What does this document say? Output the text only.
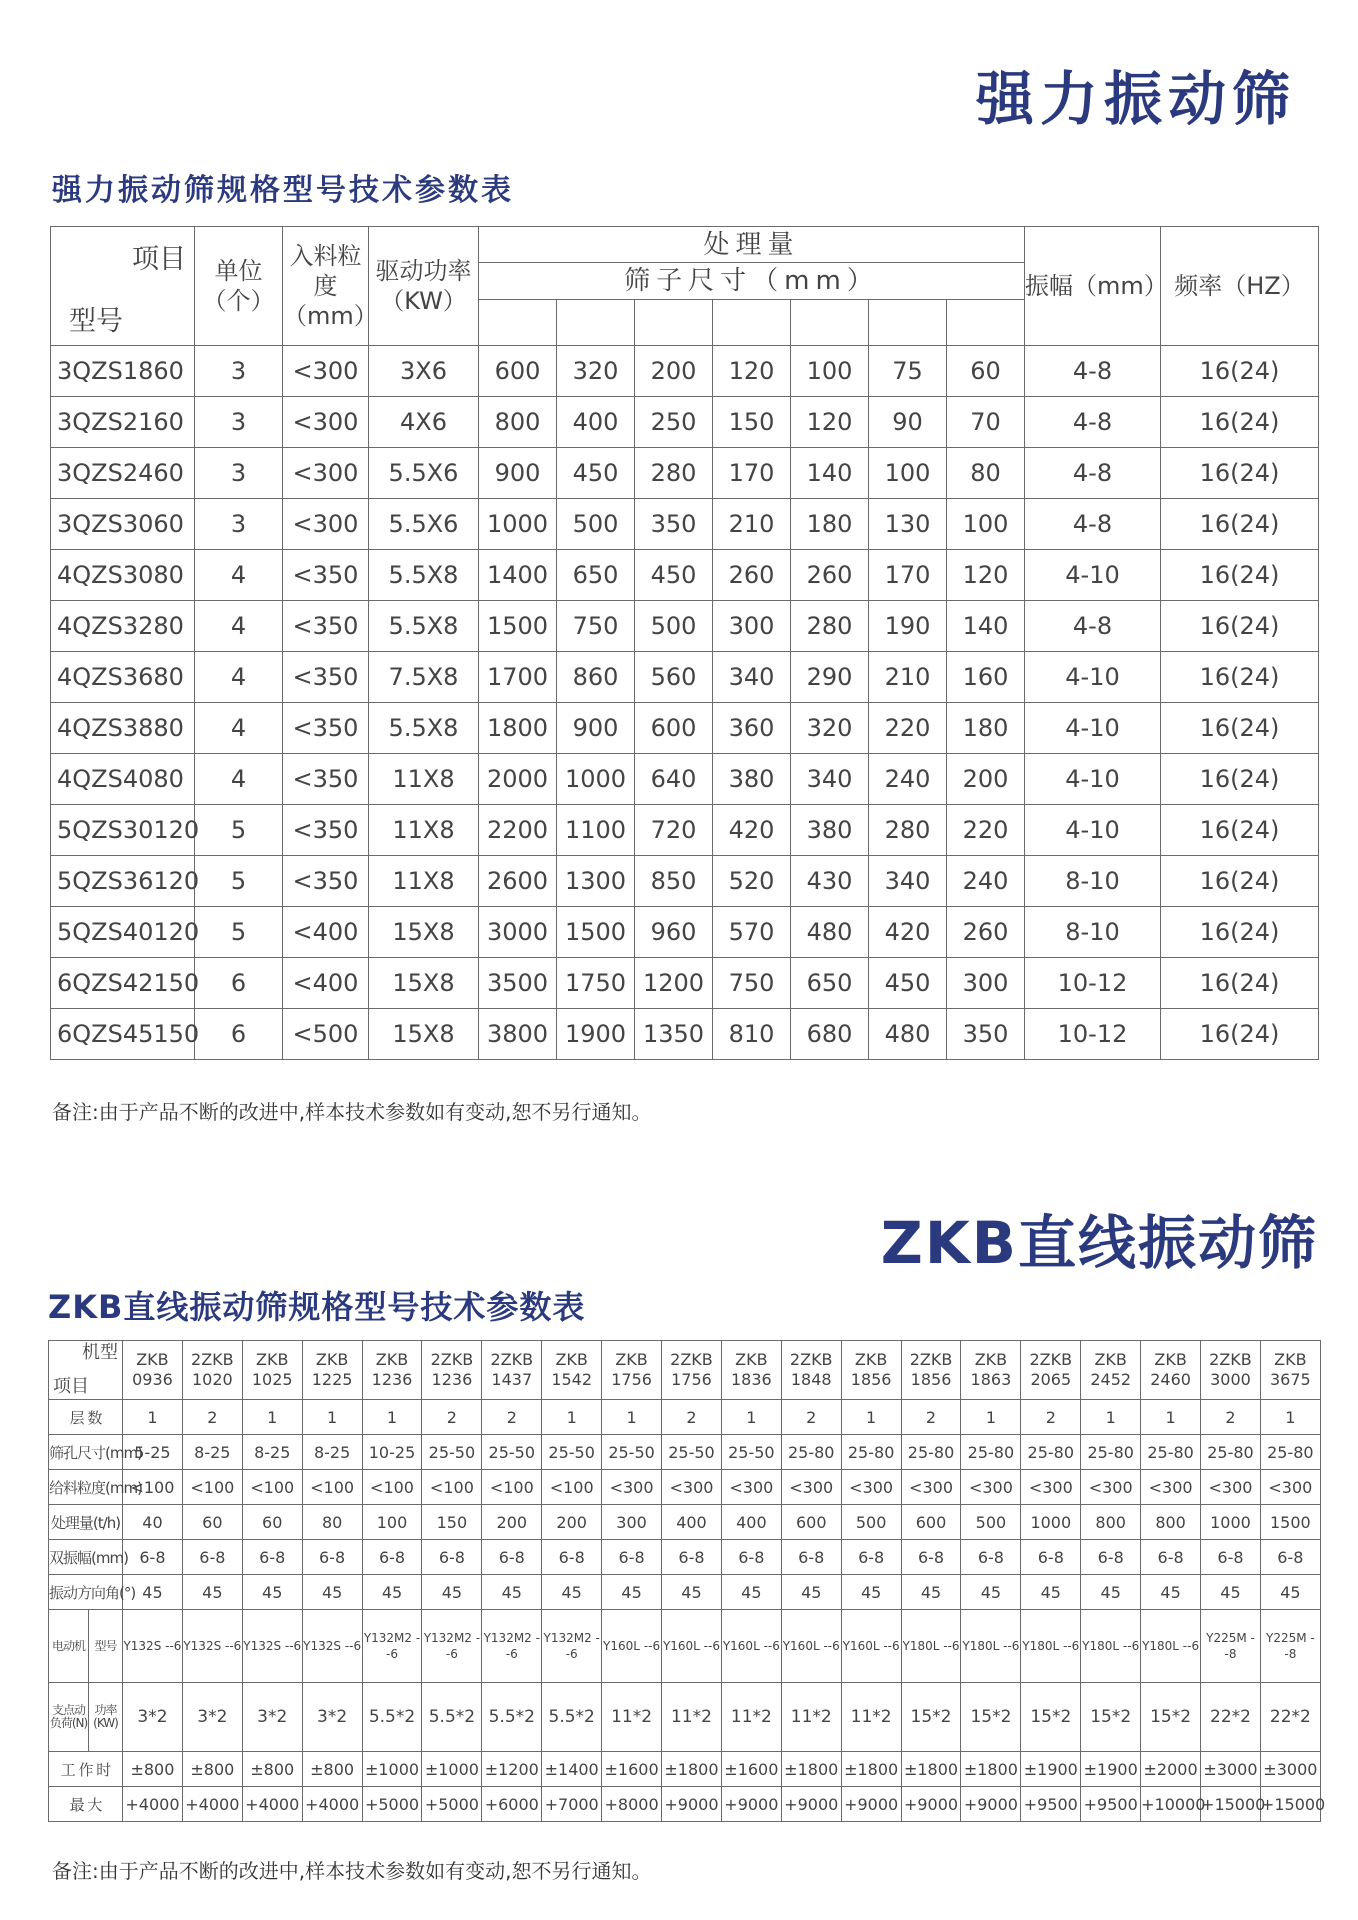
强力振动筛
强力振动筛规格型号技术参数表
项目
型号	单位（个）	入料粒度（mm）	驱动功率（KW）	处理量							振幅（mm）	频率（HZ）
				筛子尺寸（mm）								

3QZS1860	3	<300	3X6	600	320	200	120	100	75	60	4-8	16(24)
3QZS2160	3	<300	4X6	800	400	250	150	120	90	70	4-8	16(24)
3QZS2460	3	<300	5.5X6	900	450	280	170	140	100	80	4-8	16(24)
3QZS3060	3	<300	5.5X6	1000	500	350	210	180	130	100	4-8	16(24)
4QZS3080	4	<350	5.5X8	1400	650	450	260	260	170	120	4-10	16(24)
4QZS3280	4	<350	5.5X8	1500	750	500	300	280	190	140	4-8	16(24)
4QZS3680	4	<350	7.5X8	1700	860	560	340	290	210	160	4-10	16(24)
4QZS3880	4	<350	5.5X8	1800	900	600	360	320	220	180	4-10	16(24)
4QZS4080	4	<350	11X8	2000	1000	640	380	340	240	200	4-10	16(24)
5QZS30120	5	<350	11X8	2200	1100	720	420	380	280	220	4-10	16(24)
5QZS36120	5	<350	11X8	2600	1300	850	520	430	340	240	8-10	16(24)
5QZS40120	5	<400	15X8	3000	1500	960	570	480	420	260	8-10	16(24)
6QZS42150	6	<400	15X8	3500	1750	1200	750	650	450	300	10-12	16(24)
6QZS45150	6	<500	15X8	3800	1900	1350	810	680	480	350	10-12	16(24)
备注:由于产品不断的改进中,样本技术参数如有变动,恕不另行通知。
ZKB直线振动筛
ZKB直线振动筛规格型号技术参数表
机型
项目		ZKB 0936	2ZKB 1020	ZKB 1025	ZKB 1225	ZKB 1236	2ZKB 1236	2ZKB 1437	ZKB 1542	ZKB 1756	2ZKB 1756	ZKB 1836	2ZKB 1848	ZKB 1856	2ZKB 1856	ZKB 1863	2ZKB 2065	ZKB 2452	ZKB 2460	2ZKB 3000	ZKB 3675
层 数		1	2	1	1	1	2	2	1	1	2	1	2	1	2	1	2	1	1	2	1
筛孔尺寸(mm)		5-25	8-25	8-25	8-25	10-25	25-50	25-50	25-50	25-50	25-50	25-50	25-80	25-80	25-80	25-80	25-80	25-80	25-80	25-80	25-80
给料粒度(mm)		<100	<100	<100	<100	<100	<100	<100	<100	<300	<300	<300	<300	<300	<300	<300	<300	<300	<300	<300	<300
处理量(t/h)		40	60	60	80	100	150	200	200	300	400	400	600	500	600	500	1000	800	800	1000	1500
双振幅(mm)		6-8	6-8	6-8	6-8	6-8	6-8	6-8	6-8	6-8	6-8	6-8	6-8	6-8	6-8	6-8	6-8	6-8	6-8	6-8	6-8
振动方向角(°)		45	45	45	45	45	45	45	45	45	45	45	45	45	45	45	45	45	45	45	45
电动机	型号	Y132S --6	Y132S --6	Y132S --6	Y132S --6	Y132M2 --6	Y132M2 --6	Y132M2 --6	Y132M2 --6	Y160L --6	Y160L --6	Y160L --6	Y160L --6	Y160L --6	Y180L --6	Y180L --6	Y180L --6	Y180L --6	Y180L --6	Y225M --8	Y225M --8
支点动负荷(N)	功率(KW)	3*2	3*2	3*2	3*2	5.5*2	5.5*2	5.5*2	5.5*2	11*2	11*2	11*2	11*2	11*2	15*2	15*2	15*2	15*2	15*2	22*2	22*2
工 作 时		±800	±800	±800	±800	±1000	±1000	±1200	±1400	±1600	±1800	±1600	±1800	±1800	±1800	±1800	±1900	±1900	±2000	±3000	±3000
最 大		+4000	+4000	+4000	+4000	+5000	+5000	+6000	+7000	+8000	+9000	+9000	+9000	+9000	+9000	+9000	+9500	+9500	+10000	+15000	+15000
备注:由于产品不断的改进中,样本技术参数如有变动,恕不另行通知。
